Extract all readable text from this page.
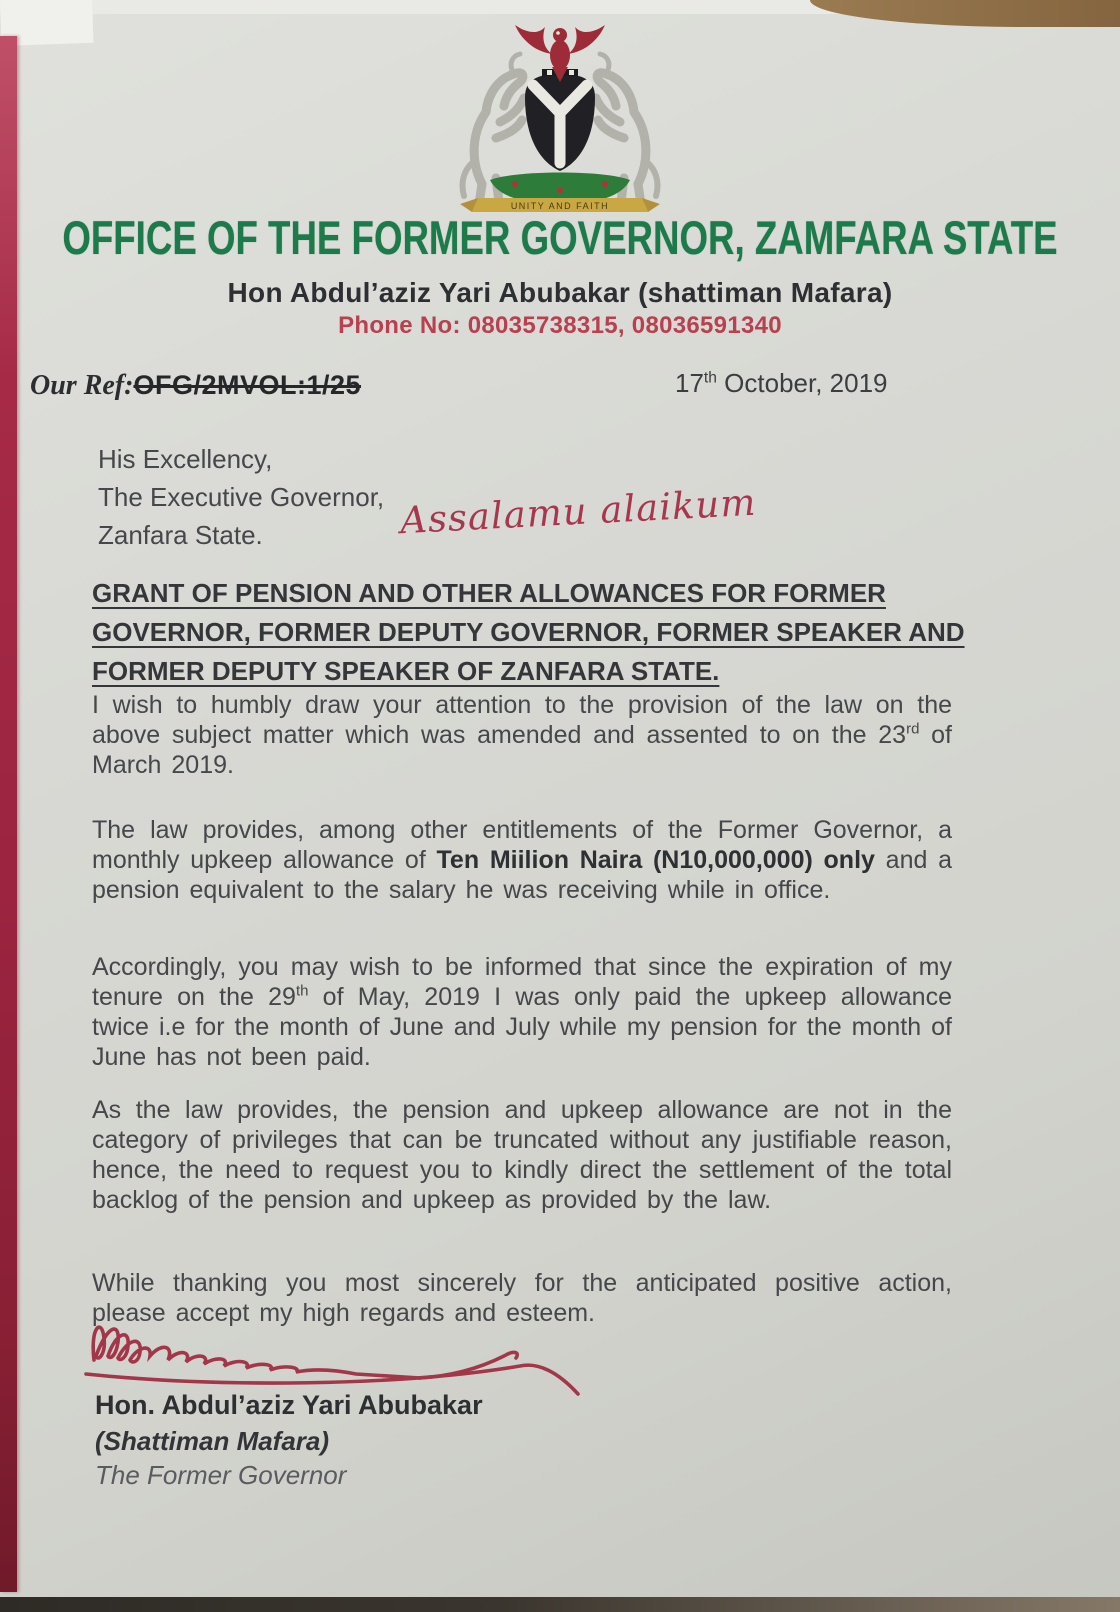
UNITY AND FAITH
OFFICE OF THE FORMER GOVERNOR, ZAMFARA STATE
Hon Abdul’aziz Yari Abubakar (shattiman Mafara)
Phone No: 08035738315, 08036591340
Our Ref:OFG/2MVOL:1/25	17th October, 2019
His Excellency,
The Executive Governor,
Zanfara State.	Assalamu alaikum
GRANT OF PENSION AND OTHER ALLOWANCES FOR FORMER
GOVERNOR, FORMER DEPUTY GOVERNOR, FORMER SPEAKER AND
FORMER DEPUTY SPEAKER OF ZANFARA STATE.
I wish to humbly draw your attention to the provision of the law on the above subject matter which was amended and assented to on the 23rd of March 2019.
The law provides, among other entitlements of the Former Governor, a monthly upkeep allowance of Ten Miilion Naira (N10,000,000) only and a pension equivalent to the salary he was receiving while in office.
Accordingly, you may wish to be informed that since the expiration of my tenure on the 29th of May, 2019 I was only paid the upkeep allowance twice i.e for the month of June and July while my pension for the month of June has not been paid.
As the law provides, the pension and upkeep allowance are not in the category of privileges that can be truncated without any justifiable reason, hence, the need to request you to kindly direct the settlement of the total backlog of the pension and upkeep as provided by the law.
While thanking you most sincerely for the anticipated positive action, please accept my high regards and esteem.
Hon. Abdul’aziz Yari Abubakar
(Shattiman Mafara)
The Former Governor
